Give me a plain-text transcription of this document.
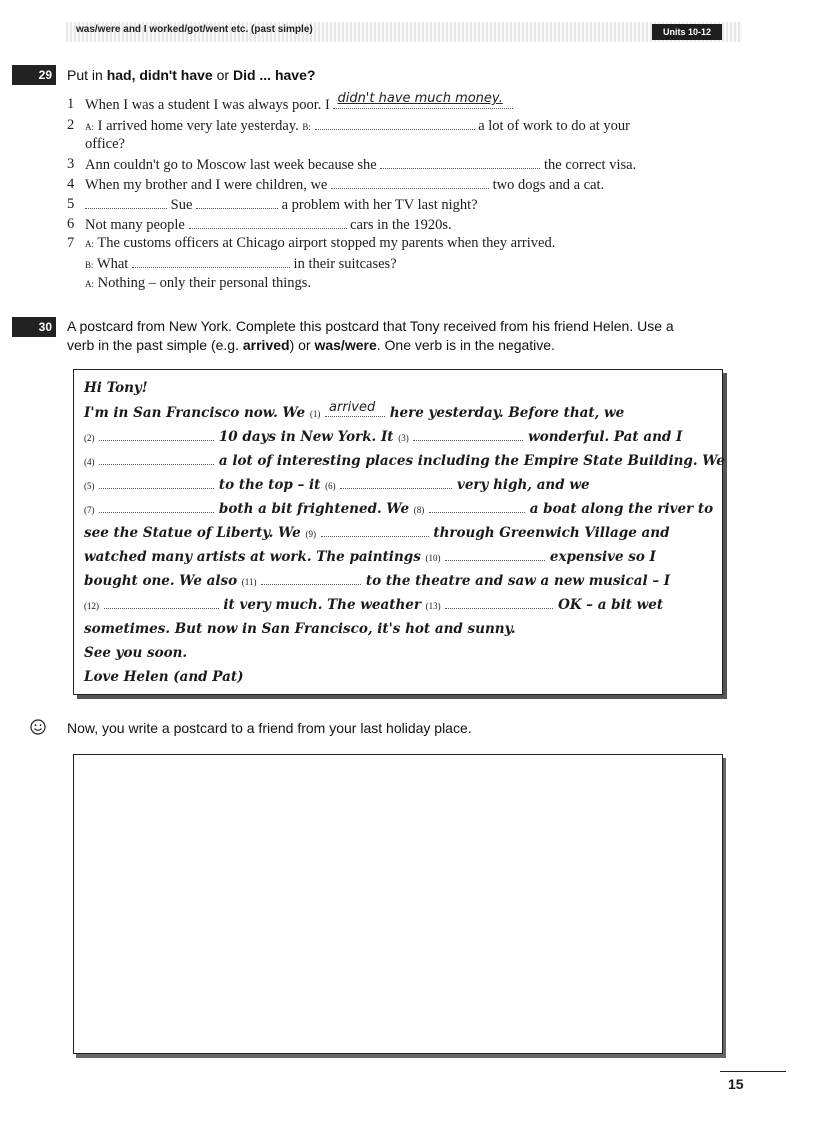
was/were and I worked/got/went etc. (past simple)	Units 10-12
29 Put in had, didn't have or Did ... have?
1 When I was a student I was always poor. I didn't have much money.
2 A: I arrived home very late yesterday. B:	a lot of work to do at your
office?
3 Ann couldn't go to Moscow last week because she	the correct visa.
4 When my brother and I were children, we	two dogs and a cat.
5	Sue	a problem with her TV last night?
6 Not many people	cars in the 1920s.
7 A: The customs officers at Chicago airport stopped my parents when they arrived.
B: What	in their suitcases?
A: Nothing – only their personal things.
30 A postcard from New York. Complete this postcard that Tony received from his friend Helen. Use a
verb in the past simple (e.g. arrived) or was/were. One verb is in the negative.
Hi Tony!
I'm in San Francisco now. We (1) arrived here yesterday. Before that, we
(2)	10 days in New York. It (3)	wonderful. Pat and I
(4)	a lot of interesting places including the Empire State Building. We
(5)	to the top – it (6)	very high, and we
(7)	both a bit frightened. We (8)	a boat along the river to
see the Statue of Liberty. We (9)	through Greenwich Village and
watched many artists at work. The paintings (10)	expensive so I
bought one. We also (11)	to the theatre and saw a new musical – I
(12)	it very much. The weather (13)	OK – a bit wet
sometimes. But now in San Francisco, it's hot and sunny.
See you soon.
Love Helen (and Pat)
Now, you write a postcard to a friend from your last holiday place.
15
